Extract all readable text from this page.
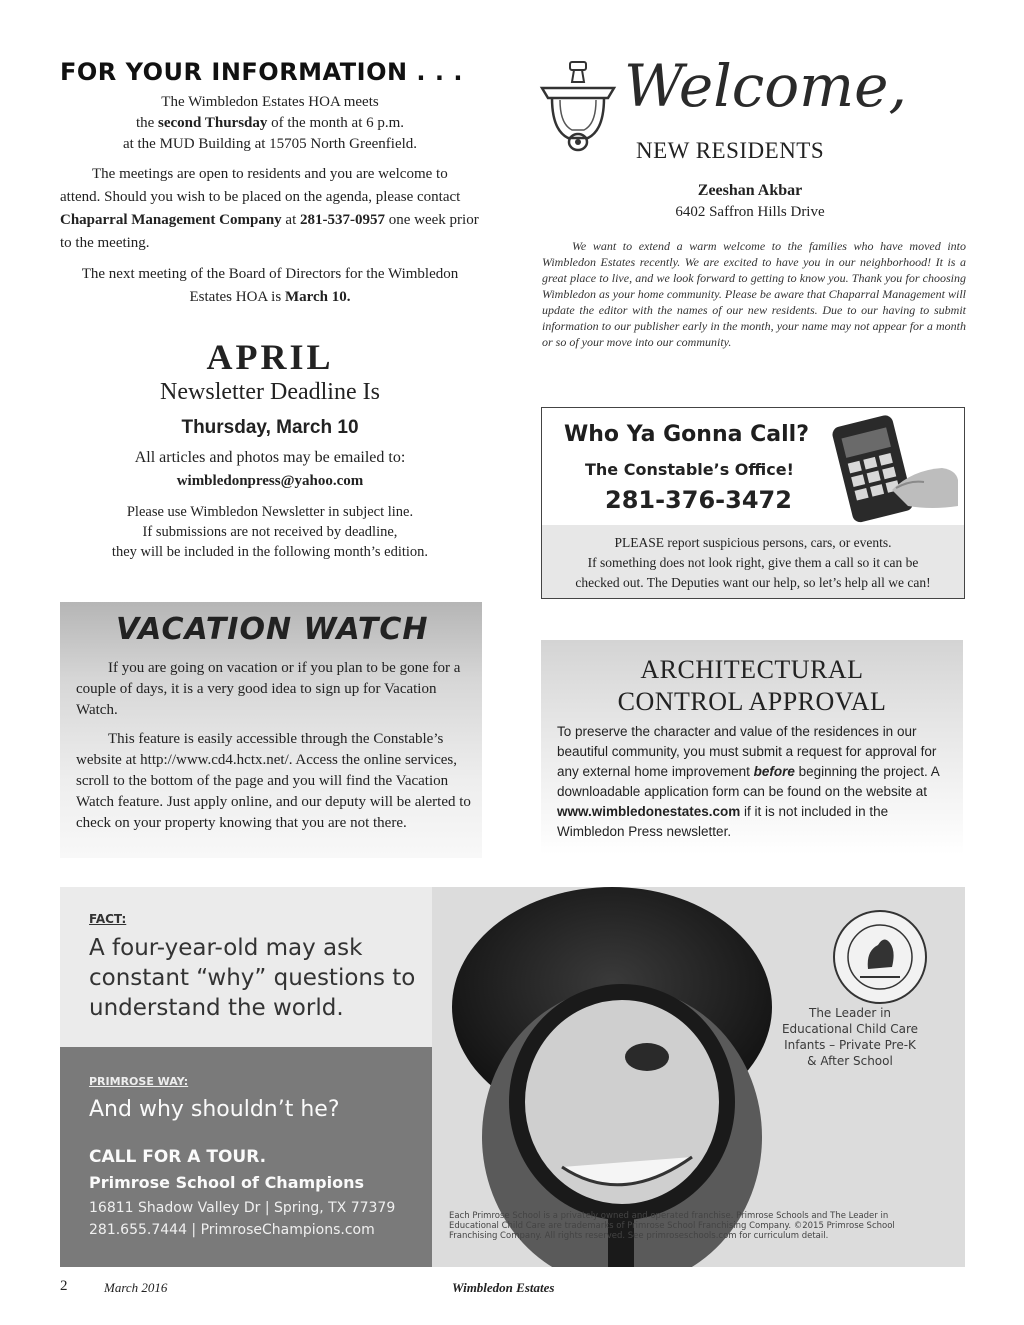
FOR YOUR INFORMATION . . .
The Wimbledon Estates HOA meets
the second Thursday of the month at 6 p.m.
at the MUD Building at 15705 North Greenfield.
The meetings are open to residents and you are welcome to attend. Should you wish to be placed on the agenda, please contact Chaparral Management Company at 281-537-0957 one week prior to the meeting.
The next meeting of the Board of Directors for the Wimbledon Estates HOA is March 10.
APRIL
Newsletter Deadline Is
Thursday, March 10
All articles and photos may be emailed to:
wimbledonpress@yahoo.com
Please use Wimbledon Newsletter in subject line.
If submissions are not received by deadline,
they will be included in the following month’s edition.
VACATION WATCH
If you are going on vacation or if you plan to be gone for a couple of days, it is a very good idea to sign up for Vacation Watch.
This feature is easily accessible through the Constable’s website at http://www.cd4.hctx.net/. Access the online services, scroll to the bottom of the page and you will find the Vacation Watch feature. Just apply online, and our deputy will be alerted to check on your property knowing that you are not there.
Welcome,
NEW RESIDENTS
Zeeshan Akbar
6402 Saffron Hills Drive
We want to extend a warm welcome to the families who have moved into Wimbledon Estates recently. We are excited to have you in our neighborhood! It is a great place to live, and we look forward to getting to know you. Thank you for choosing Wimbledon as your home community. Please be aware that Chaparral Management will update the editor with the names of our new residents. Due to our having to submit information to our publisher early in the month, your name may not appear for a month or so of your move into our community.
Who Ya Gonna Call?
The Constable’s Office!
281-376-3472

PLEASE report suspicious persons, cars, or events.

If something does not look right, give them a call so it can be

checked out. The Deputies want our help, so let’s help all we can!

ARCHITECTURAL
CONTROL APPROVAL
To preserve the character and value of the residences in our beautiful community, you must submit a request for approval for any external home improvement before beginning the project. A downloadable application form can be found on the website at www.wimbledonestates.com if it is not included in the Wimbledon Press newsletter.
FACT:
A four-year-old may ask constant “why” questions to understand the world.
PRIMROSE WAY:
And why shouldn’t he?
CALL FOR A TOUR.
Primrose School of Champions
16811 Shadow Valley Dr | Spring, TX 77379
281.655.7444 | PrimroseChampions.com
The Leader in
Educational Child Care
Infants – Private Pre-K
& After School
Each Primrose School is a privately owned and operated franchise. Primrose Schools and The Leader in Educational Child Care are trademarks of Primrose School Franchising Company. ©2015 Primrose School Franchising Company. All rights reserved. See primroseschools.com for curriculum detail.
2	March 2016	Wimbledon Estates
